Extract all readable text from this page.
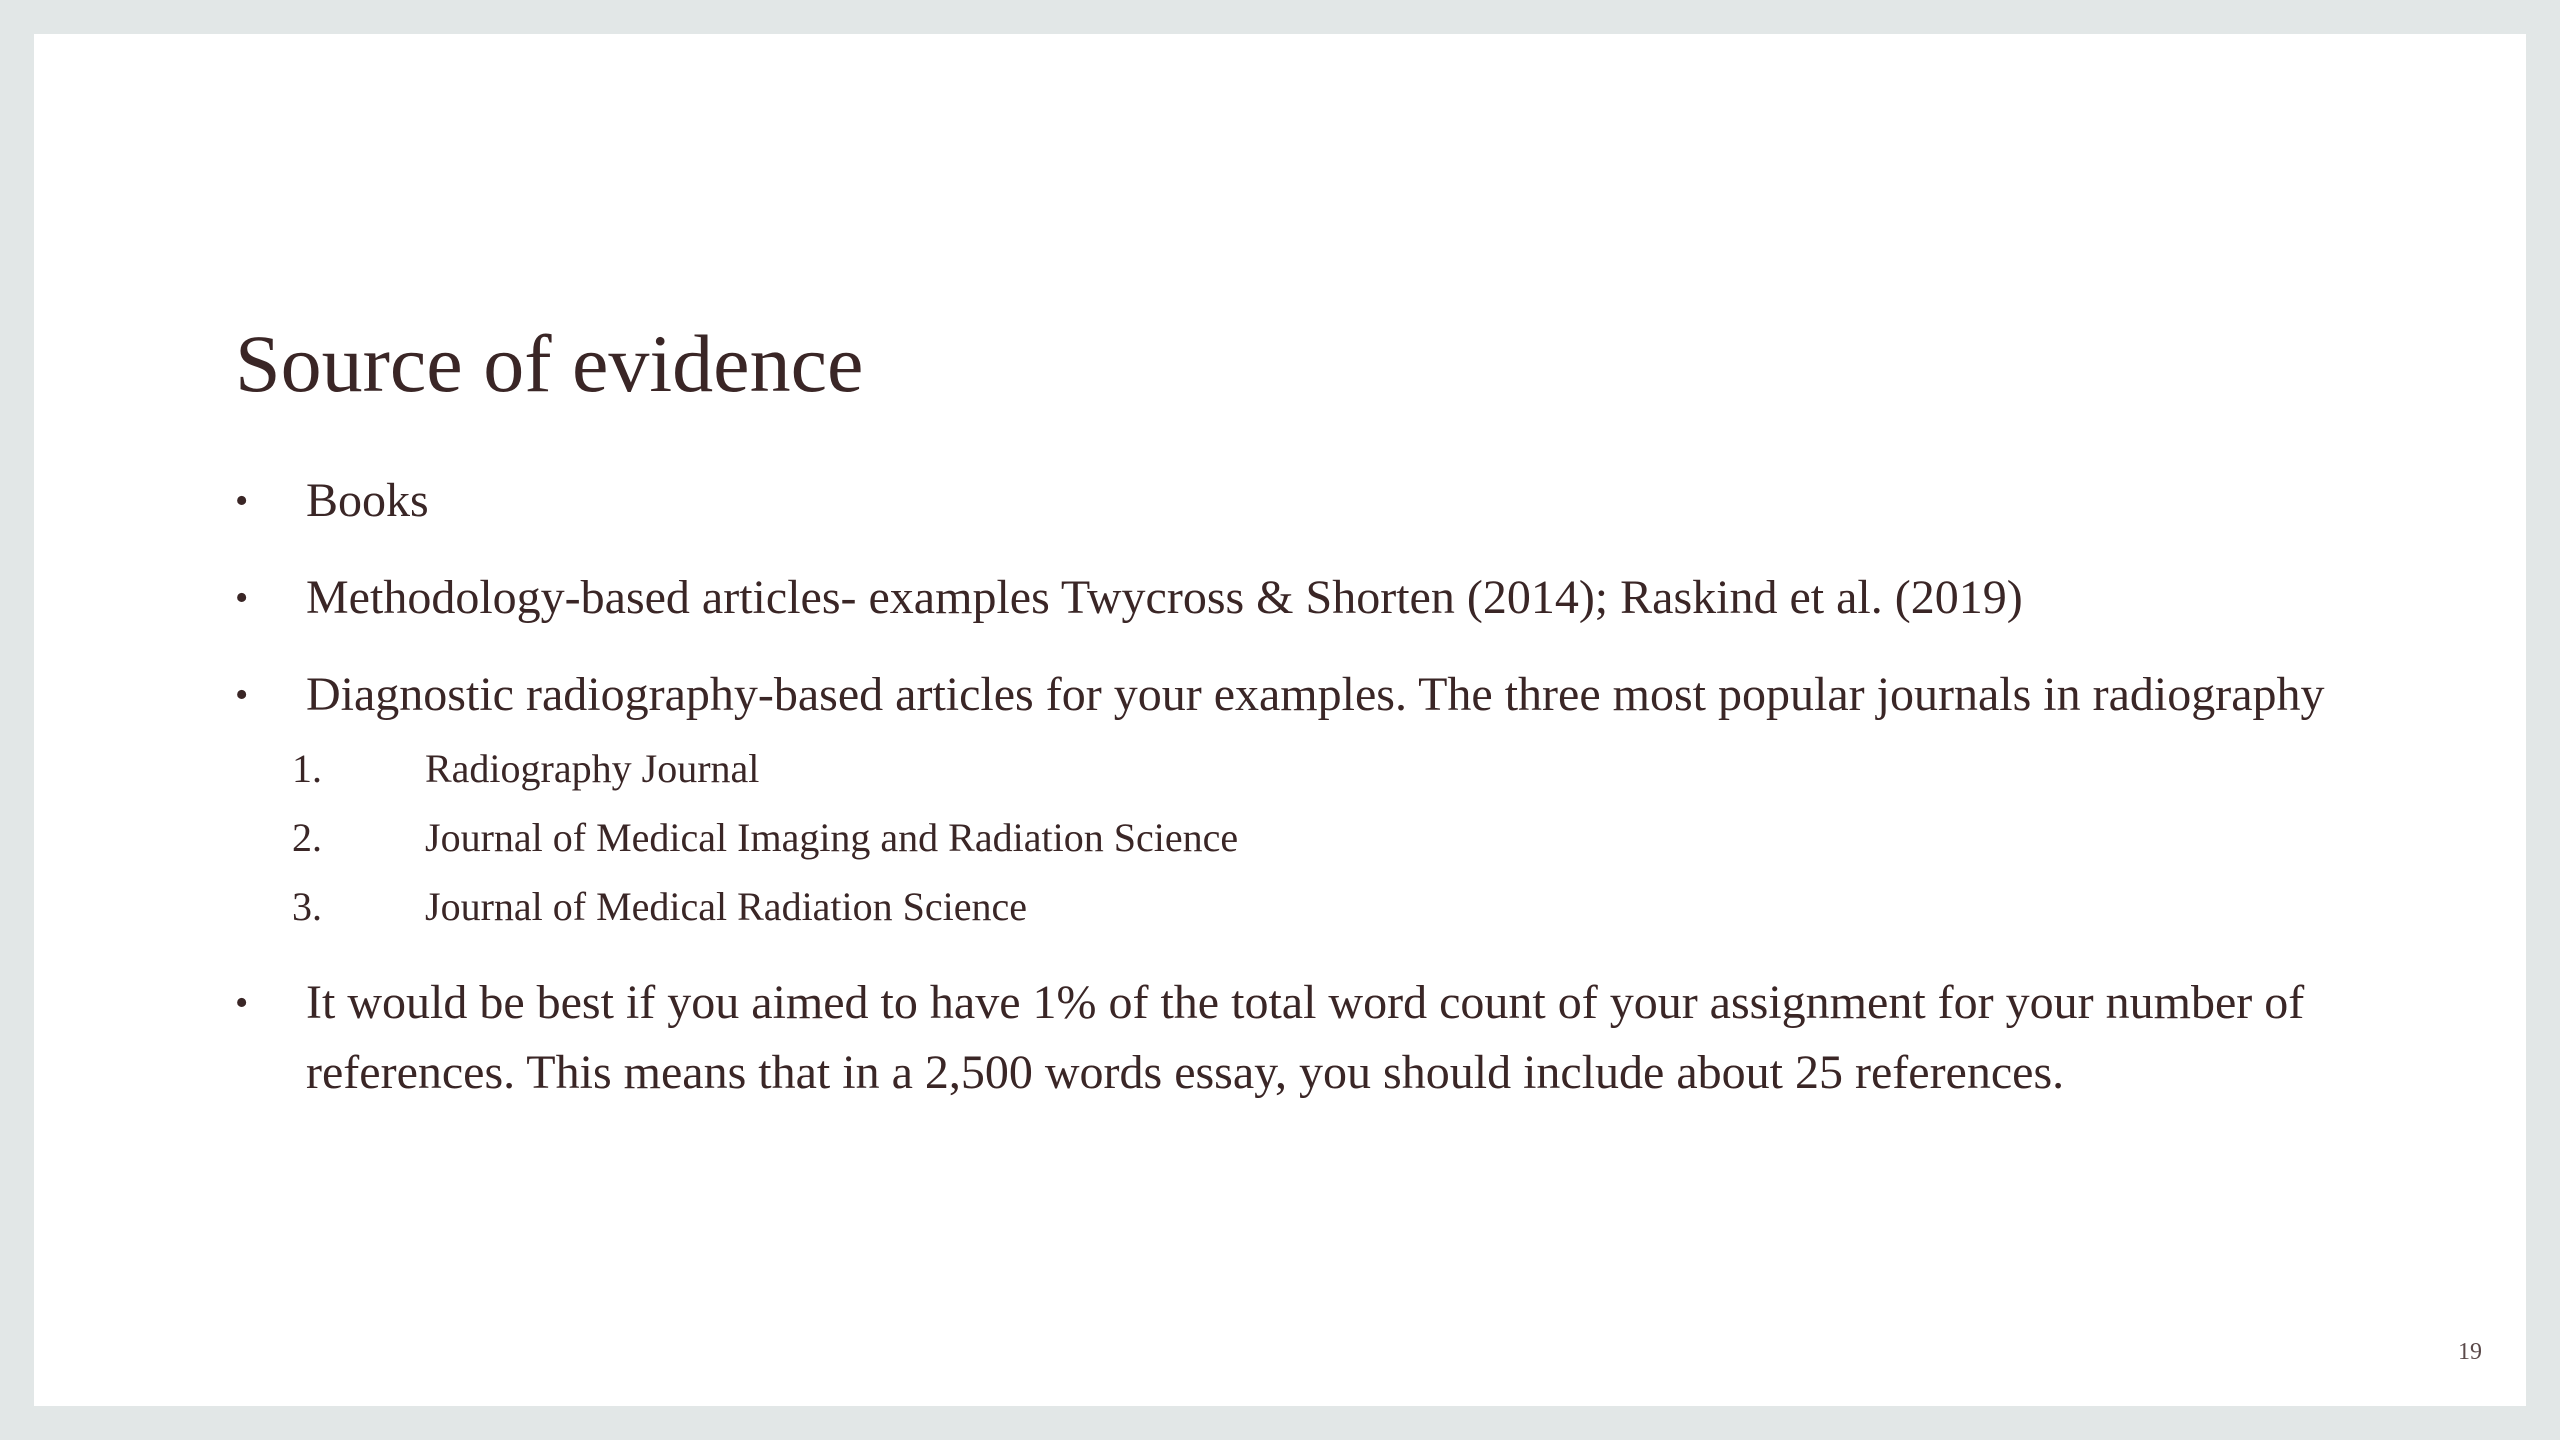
Source of evidence
•	Books
•	Methodology-based articles- examples Twycross & Shorten (2014); Raskind et al. (2019)
•	Diagnostic radiography-based articles for your examples. The three most popular journals in radiography
1.	Radiography Journal
2.	Journal of Medical Imaging and Radiation Science
3.	Journal of Medical Radiation Science
•	It would be best if you aimed to have 1% of the total word count of your assignment for your number of references. This means that in a 2,500 words essay, you should include about 25 references.
19
